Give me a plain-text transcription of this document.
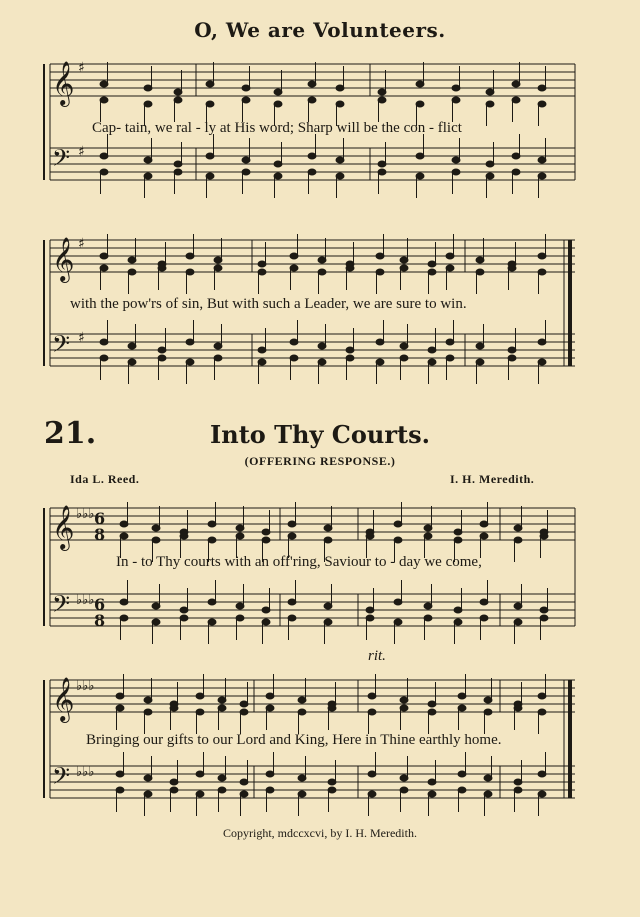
𝄞
𝄢
♯
♯
𝄞
𝄢
♯
♯
𝄞
𝄢
♭♭♭
♭♭♭
6
8
6
8
𝄞
𝄢
♭♭♭
♭♭♭
O, We are Volunteers.
Cap- tain, we ral - ly at His word; Sharp will be the con - flict
with the pow'rs of sin, But with such a Leader, we are sure to win.
21.	Into Thy Courts.
(OFFERING RESPONSE.)
Ida L. Reed.	I. H. Meredith.
In - to Thy courts with an off'ring, Saviour to - day we come,
rit.
Bringing our gifts to our Lord and King, Here in Thine earthly home.
Copyright, mdccxcvi, by I. H. Meredith.
